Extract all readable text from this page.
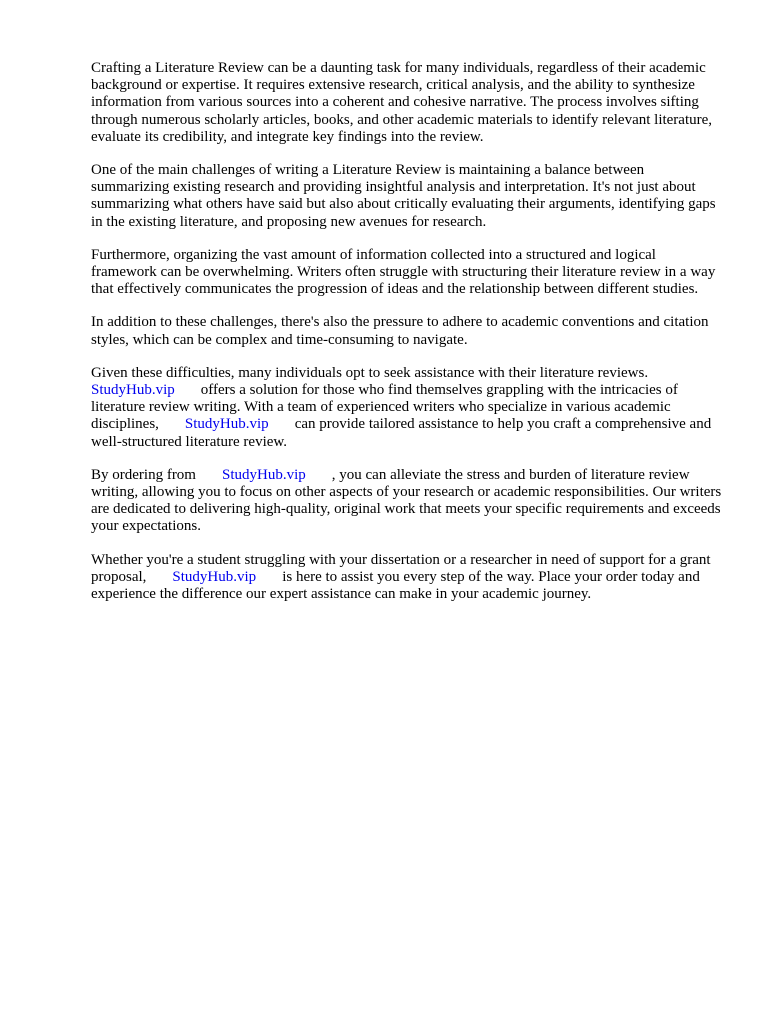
Crafting a Literature Review can be a daunting task for many individuals, regardless of their academic background or expertise. It requires extensive research, critical analysis, and the ability to synthesize information from various sources into a coherent and cohesive narrative. The process involves sifting through numerous scholarly articles, books, and other academic materials to identify relevant literature, evaluate its credibility, and integrate key findings into the review.

One of the main challenges of writing a Literature Review is maintaining a balance between summarizing existing research and providing insightful analysis and interpretation. It's not just about summarizing what others have said but also about critically evaluating their arguments, identifying gaps in the existing literature, and proposing new avenues for research.

Furthermore, organizing the vast amount of information collected into a structured and logical framework can be overwhelming. Writers often struggle with structuring their literature review in a way that effectively communicates the progression of ideas and the relationship between different studies.

In addition to these challenges, there's also the pressure to adhere to academic conventions and citation styles, which can be complex and time-consuming to navigate.

Given these difficulties, many individuals opt to seek assistance with their literature reviews. StudyHub.vip offers a solution for those who find themselves grappling with the intricacies of literature review writing. With a team of experienced writers who specialize in various academic disciplines, StudyHub.vip can provide tailored assistance to help you craft a comprehensive and well-structured literature review.

By ordering from StudyHub.vip , you can alleviate the stress and burden of literature review writing, allowing you to focus on other aspects of your research or academic responsibilities. Our writers are dedicated to delivering high-quality, original work that meets your specific requirements and exceeds your expectations.

Whether you're a student struggling with your dissertation or a researcher in need of support for a grant proposal, StudyHub.vip is here to assist you every step of the way. Place your order today and experience the difference our expert assistance can make in your academic journey.
